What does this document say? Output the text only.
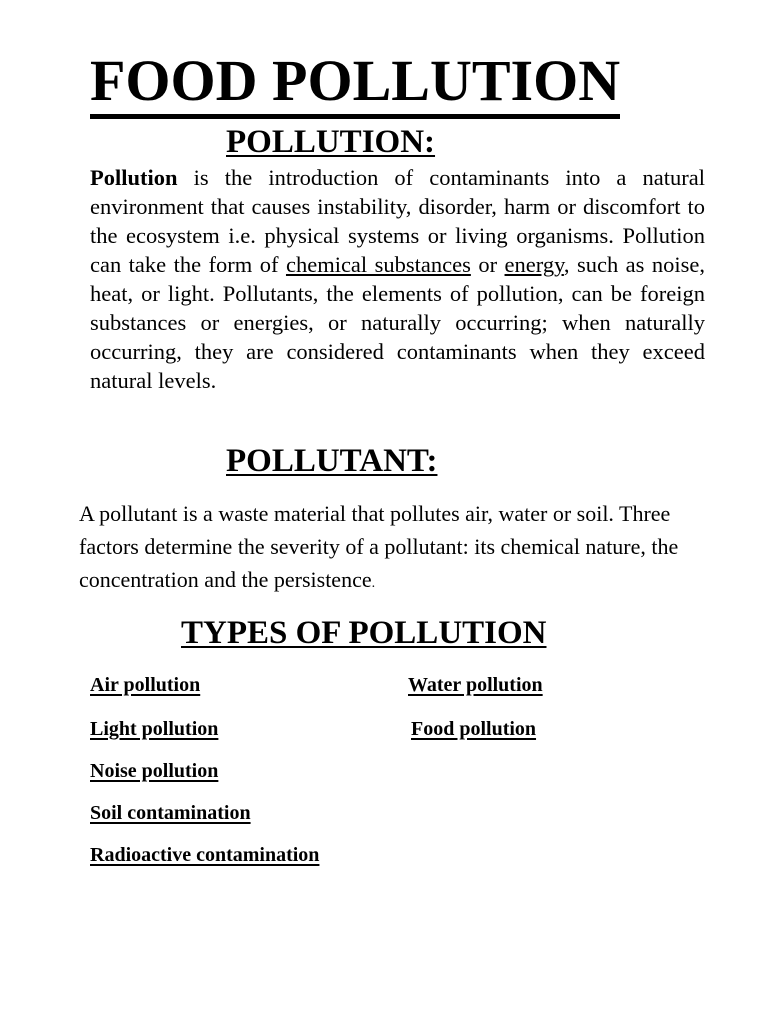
FOOD POLLUTION
POLLUTION:

Pollution is the introduction of contaminants into a natural environment that causes instability, disorder, harm or discomfort to the ecosystem i.e. physical systems or living organisms. Pollution can take the form of chemical substances or energy, such as noise, heat, or light. Pollutants, the elements of pollution, can be foreign substances or energies, or naturally occurring; when naturally occurring, they are considered contaminants when they exceed natural levels.

POLLUTANT:

A pollutant is a waste material that pollutes air, water or soil. Three factors determine the severity of a pollutant: its chemical nature, the concentration and the persistence.

TYPES OF POLLUTION
Air pollution	Water pollution
Light pollution	Food pollution
Noise pollution
Soil contamination
Radioactive contamination
